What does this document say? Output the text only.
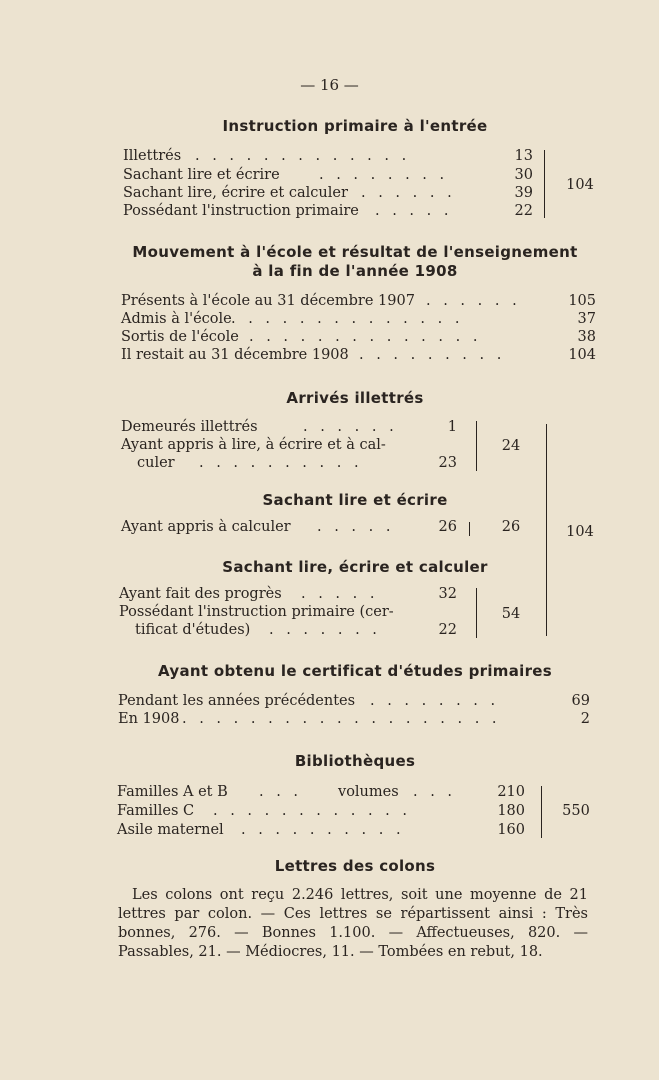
— 16 —
Instruction primaire à l'entrée
Illettrés . . . . . . . . . . . . .	13
Sachant lire et écrire	. . . . . . . .	30
Sachant lire, écrire et calculer . . . . . .	39
Possédant l'instruction primaire . . . . .	22
104
Mouvement à l'école et résultat de l'enseignement
à la fin de l'année 1908
Présents à l'école au 31 décembre 1907 . . . . . .	105
Admis à l'école . . . . . . . . . . . . . .	37
Sortis de l'école . . . . . . . . . . . . . .	38
Il restait au 31 décembre 1908 . . . . . . . . .	104
Arrivés illettrés
Demeurés illettrés	. . . . . .	1
Ayant appris à lire, à écrire et à cal-
culer . . . . . . . . . .	23
24
Sachant lire et écrire
Ayant appris à calculer . . . . .	26	26	104
Sachant lire, écrire et calculer
Ayant fait des progrès . . . . .	32
Possédant l'instruction primaire (cer-
tificat d'études) . . . . . . .	22
54
Ayant obtenu le certificat d'études primaires
Pendant les années précédentes . . . . . . . .	69
En 1908 . . . . . . . . . . . . . . . . . . .	2
Bibliothèques
Familles A et B . . . volumes . . .	210
Familles C . . . . . . . . . . . .	180
Asile maternel . . . . . . . . . .	160
550
Lettres des colons

Les colons ont reçu 2.246 lettres, soit une moyenne de 21 lettres par colon. — Ces lettres se répartissent ainsi : Très bonnes, 276. — Bonnes 1.100. — Affectueuses, 820. — Passables, 21. — Médiocres, 11. — Tombées en rebut, 18.
